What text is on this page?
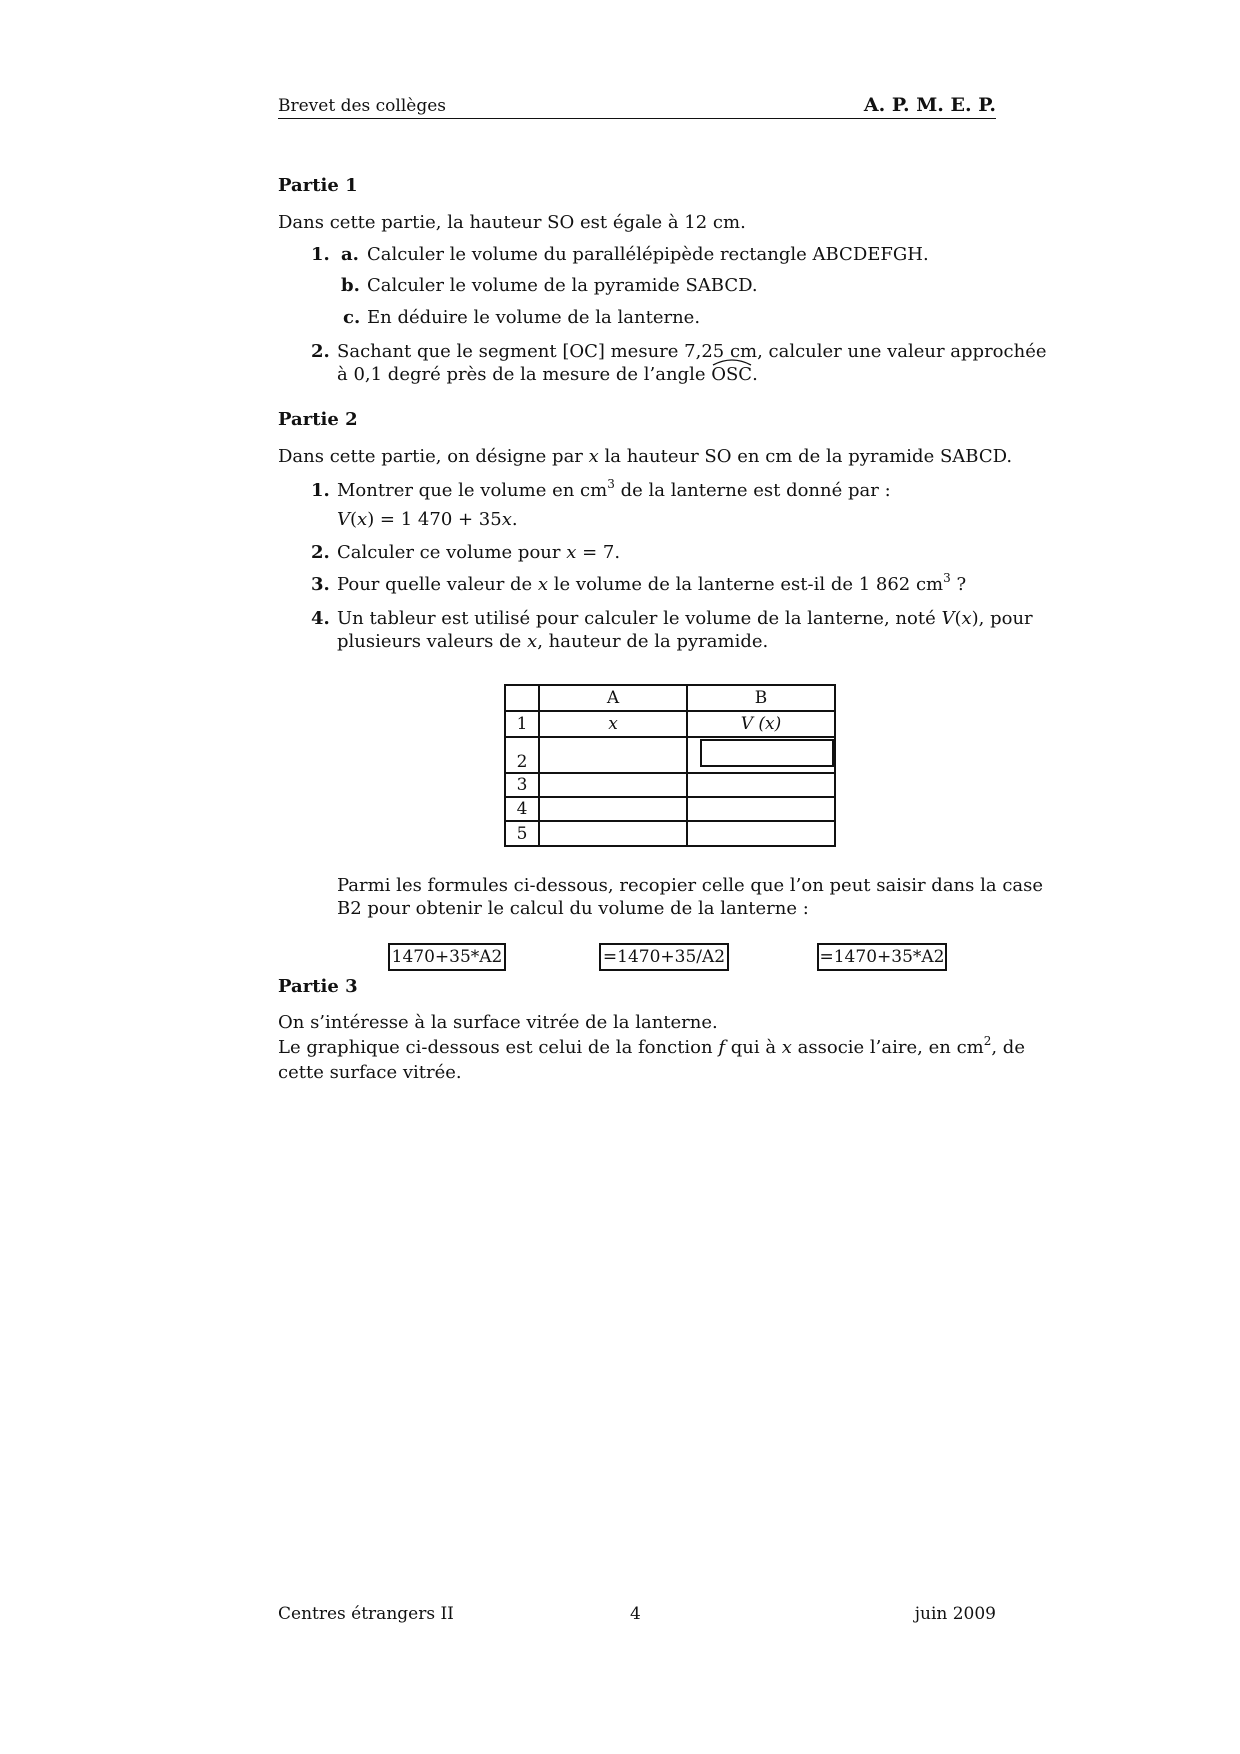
Brevet des collèges	A. P. M. E. P.
Partie 1
Dans cette partie, la hauteur SO est égale à 12 cm.
1. a. Calculer le volume du parallélépipède rectangle ABCDEFGH.
b. Calculer le volume de la pyramide SABCD.
c. En déduire le volume de la lanterne.
2. Sachant que le segment [OC] mesure 7,25 cm, calculer une valeur approchée
à 0,1 degré près de la mesure de l’angle
OSC.
Partie 2
Dans cette partie, on désigne par x la hauteur SO en cm de la pyramide SABCD.
1. Montrer que le volume en $cm^3$ de la lanterne est donné par :
V(x) = 1 470 + 35x.
2. Calculer ce volume pour x = 7.
3. Pour quelle valeur de x le volume de la lanterne est-il de 1 862 $cm^3$ ?
4. Un tableur est utilisé pour calculer le volume de la lanterne, noté V(x), pour
plusieurs valeurs de x, hauteur de la pyramide.
	A	B
1	x	V (x)
2		

3		
4		
5		
Parmi les formules ci-dessous, recopier celle que l’on peut saisir dans la case
B2 pour obtenir le calcul du volume de la lanterne :
1470+35*A2	=1470+35/A2	=1470+35*A2
Partie 3
On s’intéresse à la surface vitrée de la lanterne.
Le graphique ci-dessous est celui de la fonction f qui à x associe l’aire, en $cm^2$, de
cette surface vitrée.
Centres étrangers II	4	juin 2009
